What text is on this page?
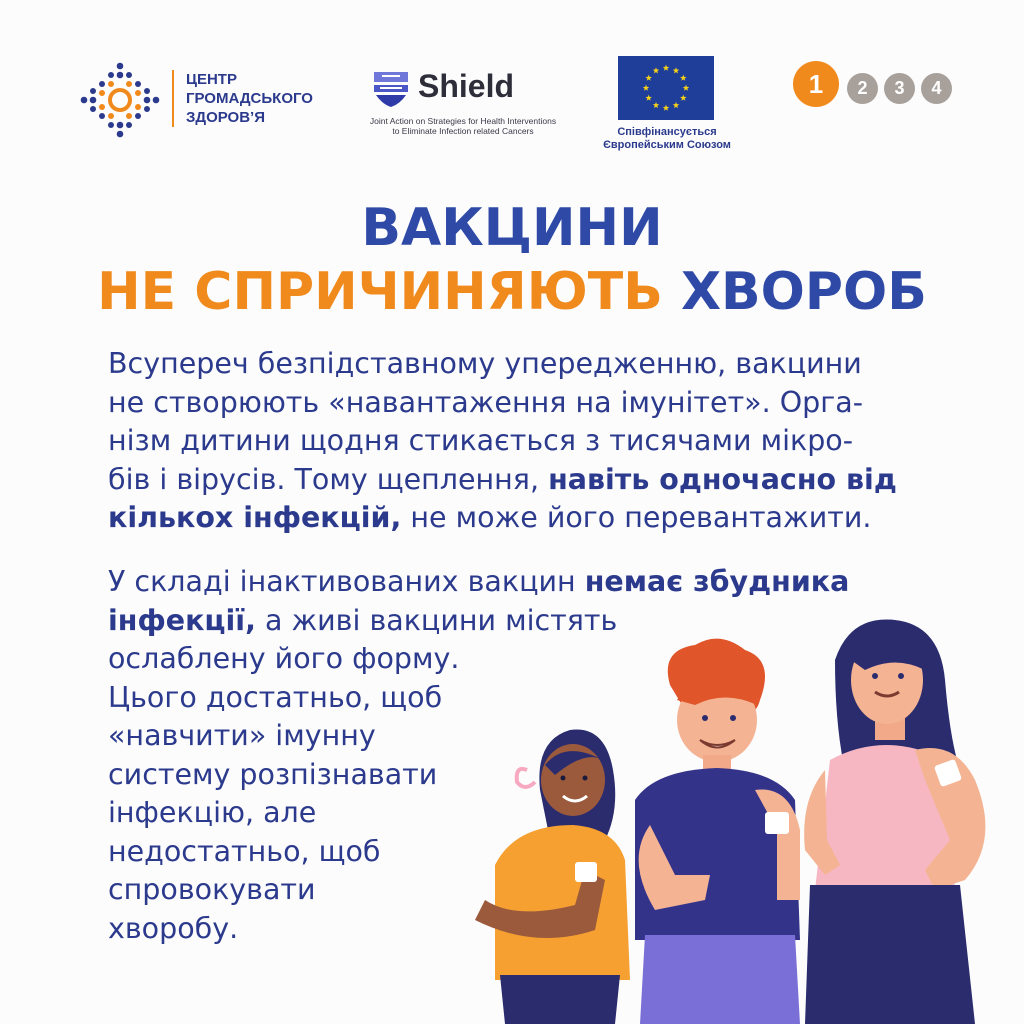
ЦЕНТР
ГРОМАДСЬКОГО
ЗДОРОВ’Я
Shield
Joint Action on Strategies for Health Interventions
to Eliminate Infection related Cancers	Співфінансується
Європейським Союзом
1	2	3	4
ВАКЦИНИ
НЕ СПРИЧИНЯЮТЬ ХВОРОБ
Всупереч безпідставному упередженню, вакцини
не створюють «навантаження на імунітет». Орга-
нізм дитини щодня стикається з тисячами мікро-
бів і вірусів. Тому щеплення, навіть одночасно від
кількох інфекцій, не може його перевантажити.
У складі інактивованих вакцин немає збудника
інфекції, а живі вакцини містять
ослаблену його форму.
Цього достатньо, щоб
«навчити» імунну
систему розпізнавати
інфекцію, але
недостатньо, щоб
спровокувати
хворобу.
